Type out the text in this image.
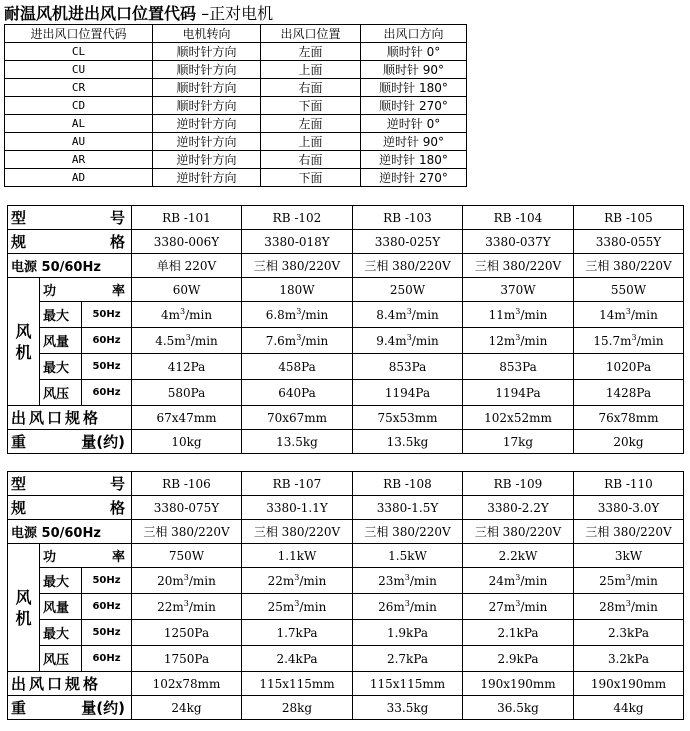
耐温风机进出风口位置代码 –正对电机
进出风口位置代码	电机转向	出风口位置	出风口方向
CL	顺时针方向	左面	顺时针 0°
CU	顺时针方向	上面	顺时针 90°
CR	顺时针方向	右面	顺时针 180°
CD	顺时针方向	下面	顺时针 270°
AL	逆时针方向	左面	逆时针 0°
AU	逆时针方向	上面	逆时针 90°
AR	逆时针方向	右面	逆时针 180°
AD	逆时针方向	下面	逆时针 270°
型 号			RB -101	RB -102	RB -103	RB -104	RB -105

规 格			3380-006Y	3380-018Y	3380-025Y	3380-037Y	3380-055Y
电源 50/60Hz			单相 220V	三相 380/220V	三相 380/220V	三相 380/220V	三相 380/220V
风机	功 率		60W	180W	250W	370W	550W
	最大	50Hz	$4m^3/\min$	$6.8m^3/\min$	$8.4m^3/\min$	$11m^3/\min$	$14m^3/\min$
	风量	60Hz	$4.5m^3/\min$	$7.6m^3/\min$	$9.4m^3/\min$	$12m^3/\min$	$15.7m^3/\min$
	最大	50Hz	412Pa	458Pa	853Pa	853Pa	1020Pa
	风压	60Hz	580Pa	640Pa	1194Pa	1194Pa	1428Pa
出风口规格			67x47mm	70x67mm	75x53mm	102x52mm	76x78mm

重 量(约)			10kg	13.5kg	13.5kg	17kg	20kg
型 号			RB -106	RB -107	RB -108	RB -109	RB -110

规 格			3380-075Y	3380-1.1Y	3380-1.5Y	3380-2.2Y	3380-3.0Y
电源 50/60Hz			三相 380/220V	三相 380/220V	三相 380/220V	三相 380/220V	三相 380/220V
风机	功 率		750W	1.1kW	1.5kW	2.2kW	3kW
	最大	50Hz	$20m^3/\min$	$22m^3/\min$	$23m^3/\min$	$24m^3/\min$	$25m^3/\min$
	风量	60Hz	$22m^3/\min$	$25m^3/\min$	$26m^3/\min$	$27m^3/\min$	$28m^3/\min$
	最大	50Hz	1250Pa	1.7kPa	1.9kPa	2.1kPa	2.3kPa
	风压	60Hz	1750Pa	2.4kPa	2.7kPa	2.9kPa	3.2kPa
出风口规格			102x78mm	115x115mm	115x115mm	190x190mm	190x190mm

重 量(约)			24kg	28kg	33.5kg	36.5kg	44kg
